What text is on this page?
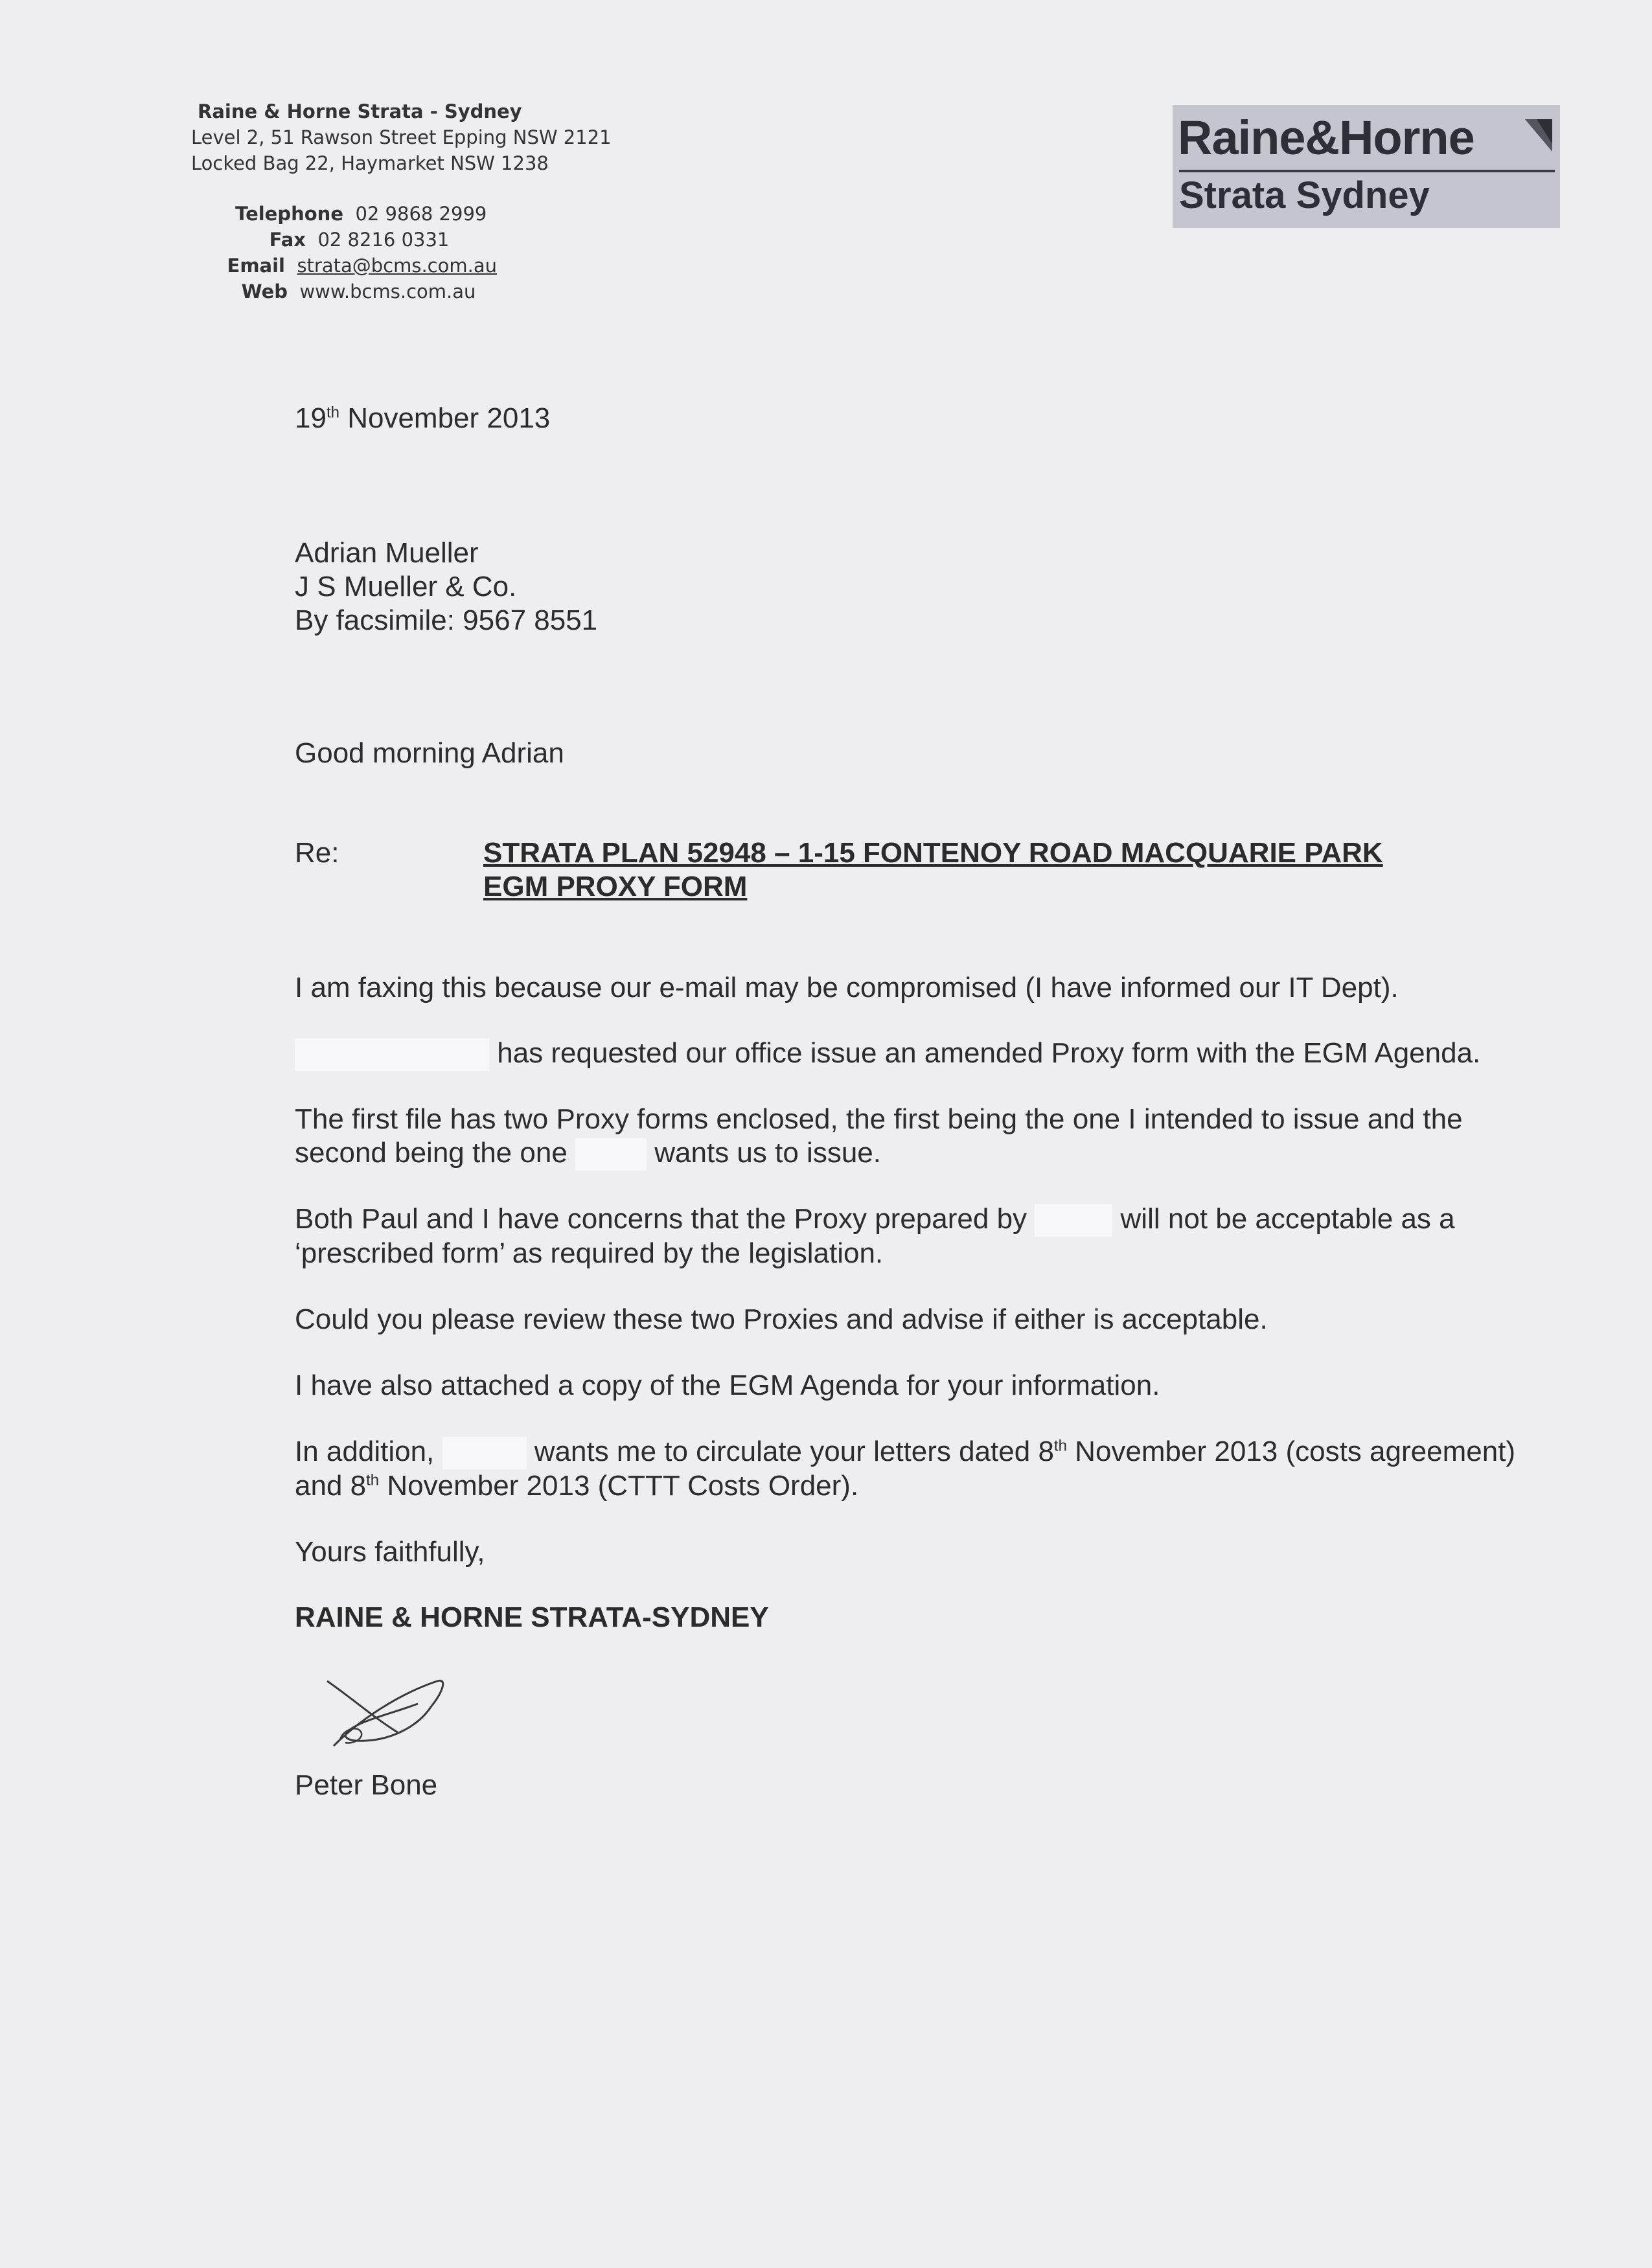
Raine & Horne Strata - Sydney
Level 2, 51 Rawson Street Epping NSW 2121
Locked Bag 22, Haymarket NSW 1238
Telephone 02 9868 2999
Fax 02 8216 0331
Email strata@bcms.com.au
Web www.bcms.com.au
Raine&Horne
Strata Sydney
19th November 2013
Adrian Mueller
J S Mueller & Co.
By facsimile: 9567 8551
Good morning Adrian
Re:	STRATA PLAN 52948 – 1-15 FONTENOY ROAD MACQUARIE PARK
EGM PROXY FORM
I am faxing this because our e-mail may be compromised (I have informed our IT Dept).
has requested our office issue an amended Proxy form with the EGM Agenda.
The first file has two Proxy forms enclosed, the first being the one I intended to issue and the
second being the one	wants us to issue.
Both Paul and I have concerns that the Proxy prepared by	will not be acceptable as a
‘prescribed form’ as required by the legislation.
Could you please review these two Proxies and advise if either is acceptable.
I have also attached a copy of the EGM Agenda for your information.
In addition,	wants me to circulate your letters dated 8th November 2013 (costs agreement)
and 8th November 2013 (CTTT Costs Order).
Yours faithfully,
RAINE & HORNE STRATA-SYDNEY
Peter Bone
